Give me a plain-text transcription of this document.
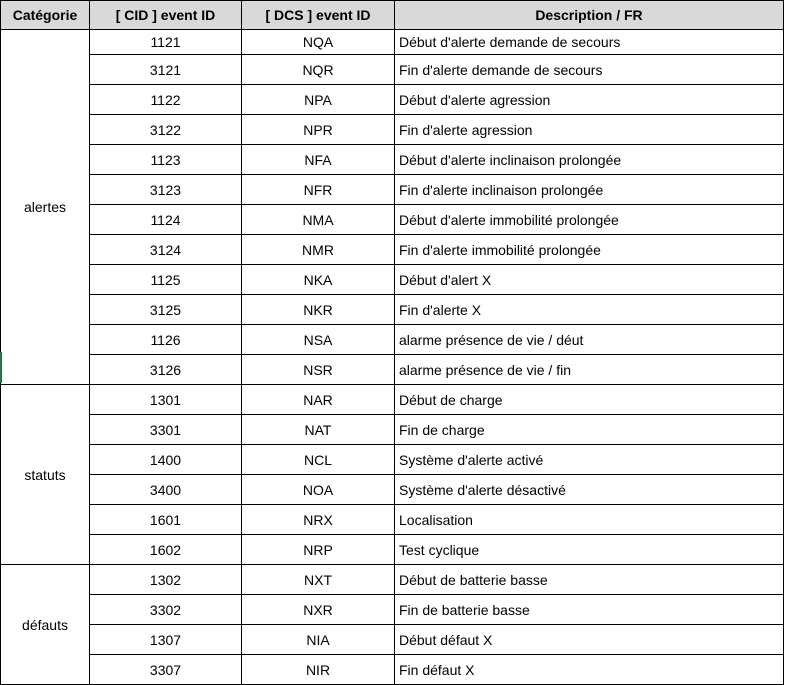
Catégorie	[ CID ] event ID	[ DCS ] event ID	Description / FR
alertes	1121	NQA	Début d'alerte demande de secours
	3121	NQR	Fin d'alerte demande de secours
	1122	NPA	Début d'alerte agression
	3122	NPR	Fin d'alerte agression
	1123	NFA	Début d'alerte inclinaison prolongée
	3123	NFR	Fin d'alerte inclinaison prolongée
	1124	NMA	Début d'alerte immobilité prolongée
	3124	NMR	Fin d'alerte immobilité prolongée
	1125	NKA	Début d'alert X
	3125	NKR	Fin d'alerte X
	1126	NSA	alarme présence de vie / déut
	3126	NSR	alarme présence de vie / fin
statuts	1301	NAR	Début de charge
	3301	NAT	Fin de charge
	1400	NCL	Système d'alerte activé
	3400	NOA	Système d'alerte désactivé
	1601	NRX	Localisation
	1602	NRP	Test cyclique
défauts	1302	NXT	Début de batterie basse
	3302	NXR	Fin de batterie basse
	1307	NIA	Début défaut X
	3307	NIR	Fin défaut X
